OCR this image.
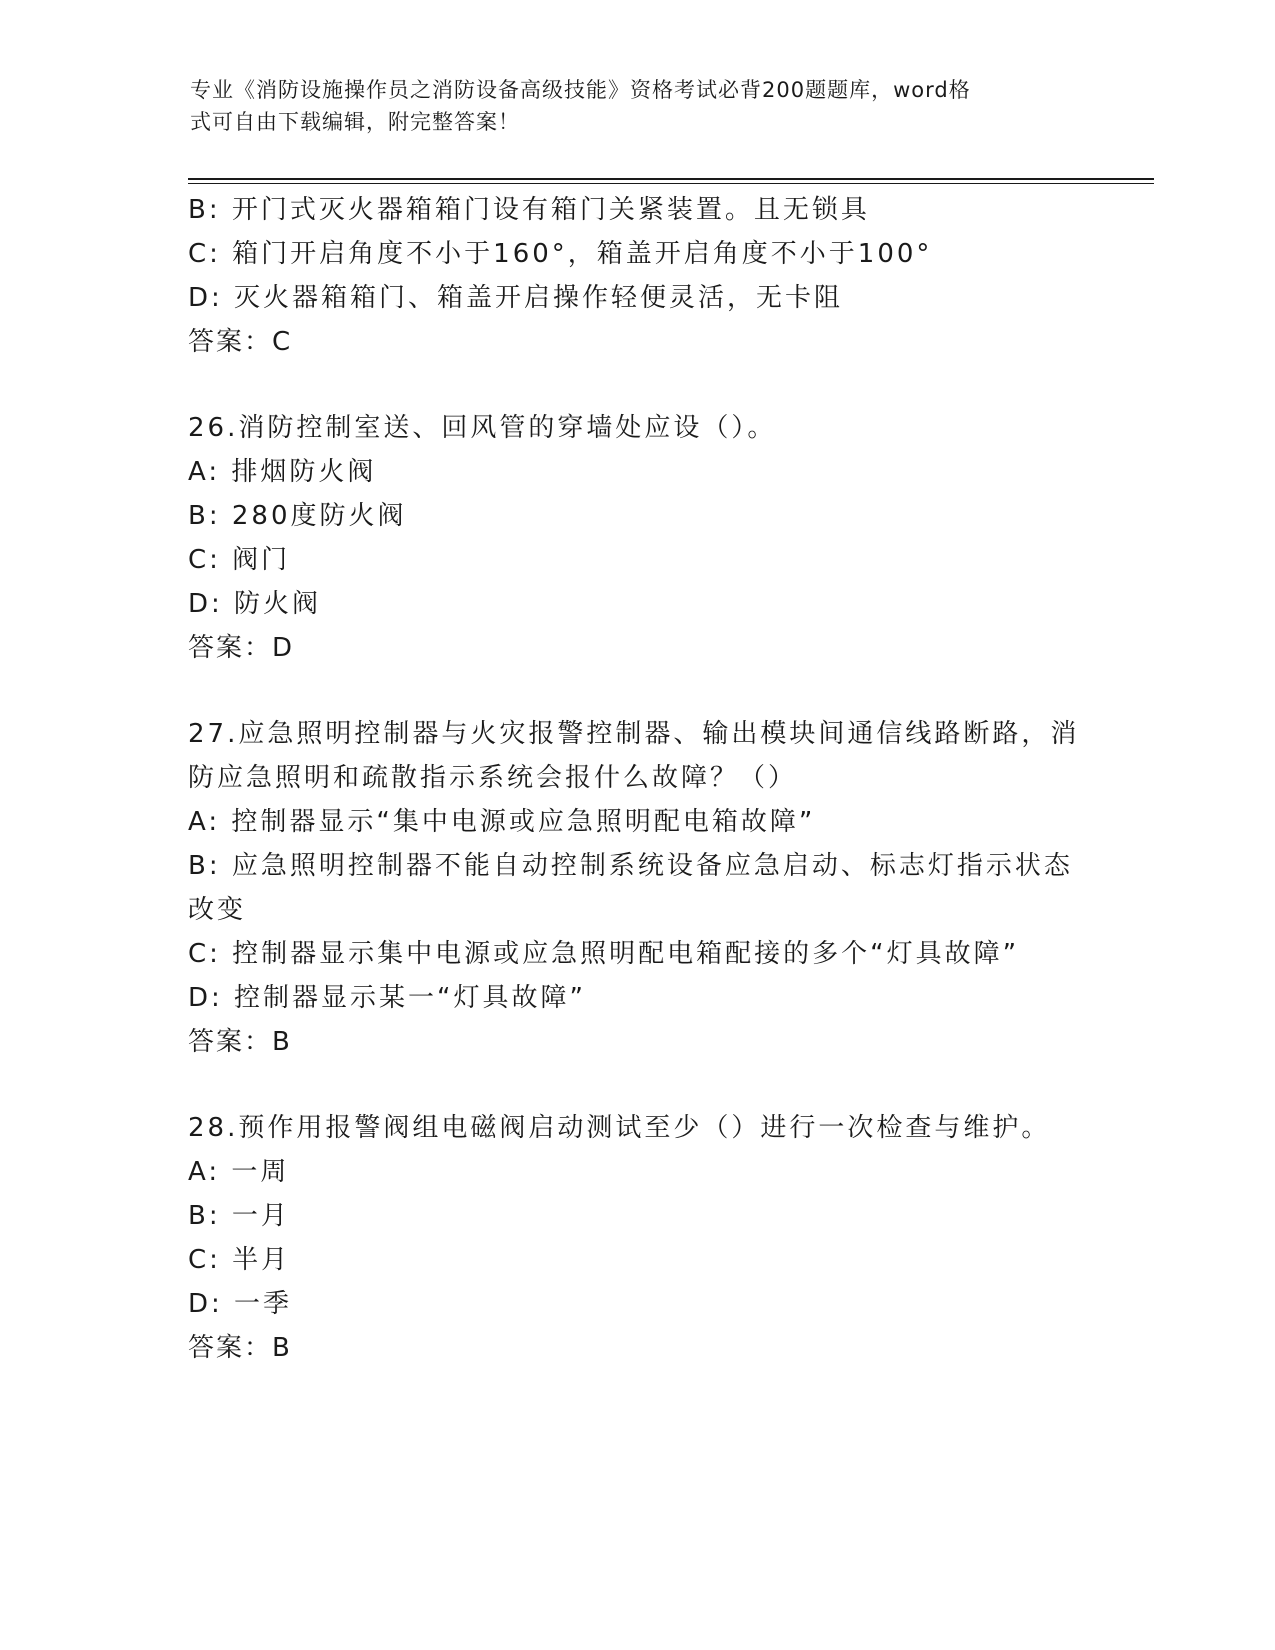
专业《消防设施操作员之消防设备高级技能》资格考试必背200题题库，word格
式可自由下载编辑，附完整答案！
B: 开门式灭火器箱箱门设有箱门关紧装置。且无锁具
C: 箱门开启角度不小于160°，箱盖开启角度不小于100°
D: 灭火器箱箱门、箱盖开启操作轻便灵活，无卡阻
答案：C
26.消防控制室送、回风管的穿墙处应设（）。
A: 排烟防火阀
B: 280度防火阀
C: 阀门
D: 防火阀
答案：D
27.应急照明控制器与火灾报警控制器、输出模块间通信线路断路，消
防应急照明和疏散指示系统会报什么故障？（）
A: 控制器显示“集中电源或应急照明配电箱故障”
B: 应急照明控制器不能自动控制系统设备应急启动、标志灯指示状态
改变
C: 控制器显示集中电源或应急照明配电箱配接的多个“灯具故障”
D: 控制器显示某一“灯具故障”
答案：B
28.预作用报警阀组电磁阀启动测试至少（）进行一次检查与维护。
A: 一周
B: 一月
C: 半月
D: 一季
答案：B
